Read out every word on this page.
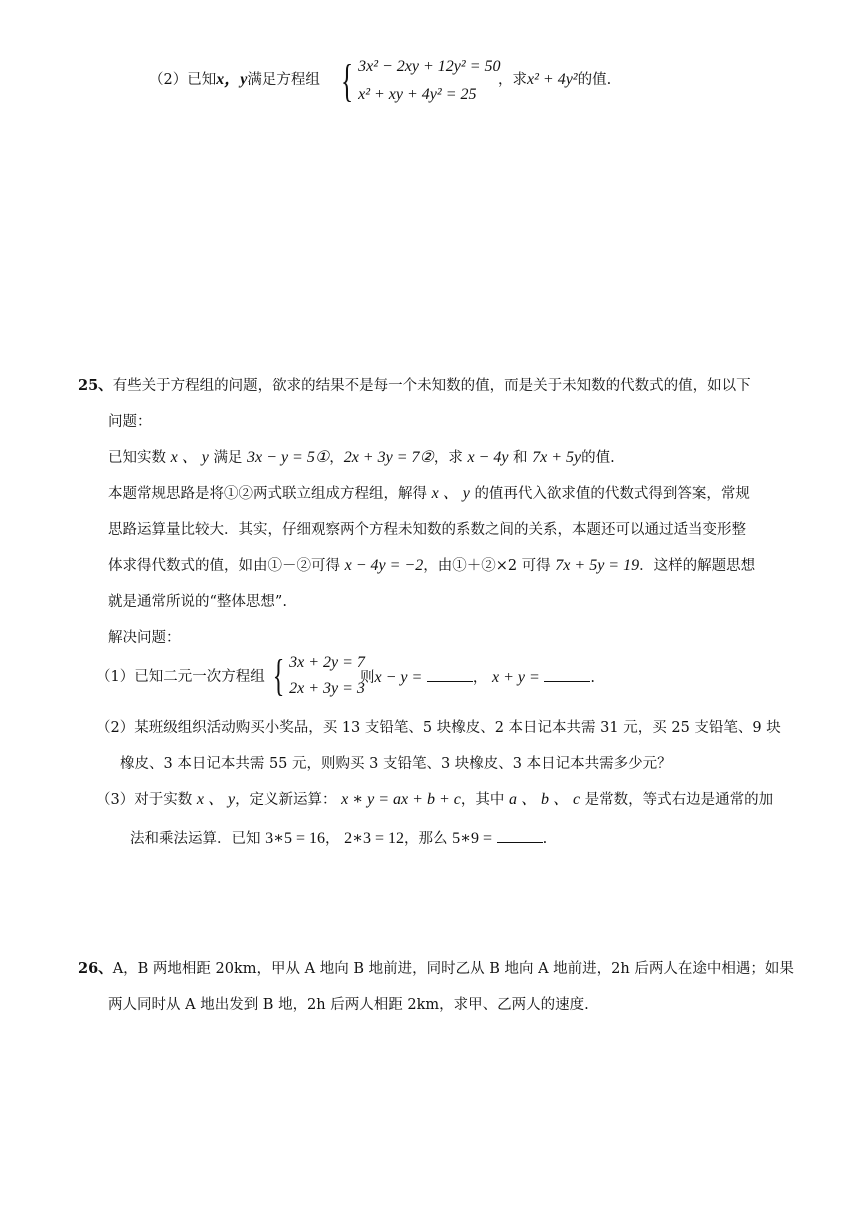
（2）已知x，y满足方程组 { 3x² − 2xy + 12y² = 50
x² + xy + 4y² = 25
，求x² + 4y²的值.
25、有些关于方程组的问题，欲求的结果不是每一个未知数的值，而是关于未知数的代数式的值，如以下
问题：
已知实数 x 、 y 满足 3x − y = 5①，2x + 3y = 7②，求 x − 4y 和 7x + 5y的值.
本题常规思路是将①②两式联立组成方程组，解得 x 、 y 的值再代入欲求值的代数式得到答案，常规
思路运算量比较大．其实，仔细观察两个方程未知数的系数之间的关系，本题还可以通过适当变形整
体求得代数式的值，如由①－②可得 x − 4y = −2，由①＋②×2 可得 7x + 5y = 19．这样的解题思想
就是通常所说的“整体思想”.
解决问题：
（1）已知二元一次方程组 { 3x + 2y = 7
2x + 3y = 3
则x − y =	， x + y =	.
（2）某班级组织活动购买小奖品，买 13 支铅笔、5 块橡皮、2 本日记本共需 31 元，买 25 支铅笔、9 块
橡皮、3 本日记本共需 55 元，则购买 3 支铅笔、3 块橡皮、3 本日记本共需多少元？
（3）对于实数 x 、 y，定义新运算： x ∗ y = ax + b + c，其中 a 、 b 、 c 是常数，等式右边是通常的加
法和乘法运算．已知 3∗5 = 16， 2∗3 = 12，那么 5∗9 =	.
26、A，B 两地相距 20km，甲从 A 地向 B 地前进，同时乙从 B 地向 A 地前进，2h 后两人在途中相遇；如果
两人同时从 A 地出发到 B 地，2h 后两人相距 2km，求甲、乙两人的速度.
